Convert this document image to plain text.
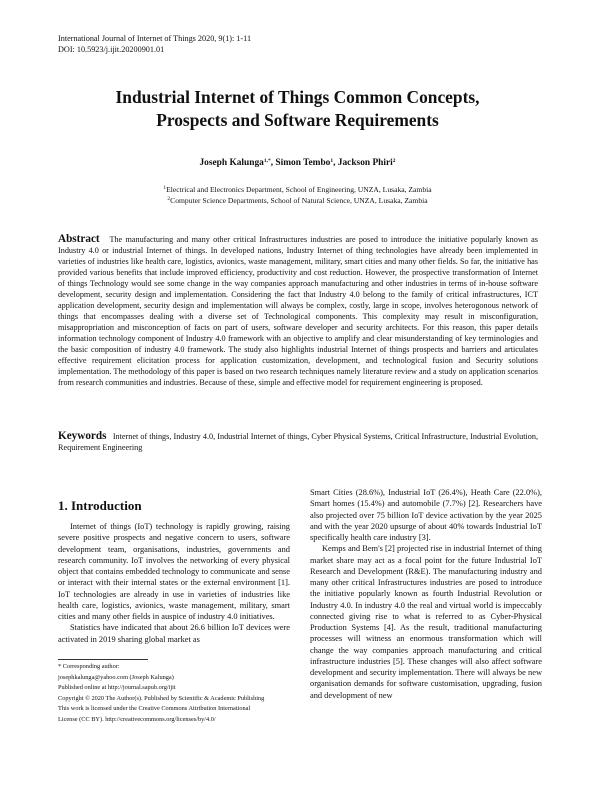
International Journal of Internet of Things 2020, 9(1): 1-11
DOI: 10.5923/j.ijit.20200901.01
Industrial Internet of Things Common Concepts,
Prospects and Software Requirements
Joseph Kalunga$^{1,*}$, Simon Tembo$^1$, Jackson Phiri$^2$
$^1$Electrical and Electronics Department, School of Engineering, UNZA, Lusaka, Zambia
$^2$Computer Science Departments, School of Natural Science, UNZA, Lusaka, Zambia
Abstract The manufacturing and many other critical Infrastructures industries are posed to introduce the initiative popularly known as Industry 4.0 or industrial Internet of things. In developed nations, Industry Internet of thing technologies have already been implemented in varieties of industries like health care, logistics, avionics, waste management, military, smart cities and many other fields. So far, the initiative has provided various benefits that include improved efficiency, productivity and cost reduction. However, the prospective transformation of Internet of things Technology would see some change in the way companies approach manufacturing and other industries in terms of in-house software development, security design and implementation. Considering the fact that Industry 4.0 belong to the family of critical infrastructures, ICT application development, security design and implementation will always be complex, costly, large in scope, involves heterogonous network of things that encompasses dealing with a diverse set of Technological components. This complexity may result in misconfiguration, misappropriation and misconception of facts on part of users, software developer and security architects. For this reason, this paper details information technology component of Industry 4.0 framework with an objective to amplify and clear misunderstanding of key terminologies and the basic composition of industry 4.0 framework. The study also highlights industrial Internet of things prospects and barriers and articulates effective requirement elicitation process for application customization, development, and technological fusion and Security solutions implementation. The methodology of this paper is based on two research techniques namely literature review and a study on application scenarios from research communities and industries. Because of these, simple and effective model for requirement engineering is proposed.
Keywords Internet of things, Industry 4.0, Industrial Internet of things, Cyber Physical Systems, Critical Infrastructure, Industrial Evolution, Requirement Engineering
1. Introduction

Internet of things (IoT) technology is rapidly growing, raising severe positive prospects and negative concern to users, software development team, organisations, industries, governments and research community. IoT involves the networking of every physical object that contains embedded technology to communicate and sense or interact with their internal states or the external environment [1]. IoT technologies are already in use in varieties of industries like health care, logistics, avionics, waste management, military, smart cities and many other fields in auspice of industry 4.0 initiatives.

Statistics have indicated that about 26.6 billion IoT devices were activated in 2019 sharing global market as

Smart Cities (28.6%), Industrial IoT (26.4%), Heath Care (22.0%), Smart homes (15.4%) and automobile (7.7%) [2]. Researchers have also projected over 75 billion IoT device activation by the year 2025 and with the year 2020 upsurge of about 40% towards Industrial IoT specifically health care industry [3].

Kemps and Bem's [2] projected rise in industrial Internet of thing market share may act as a focal point for the future Industrial IoT Research and Development (R&E). The manufacturing industry and many other critical Infrastructures industries are posed to introduce the initiative popularly known as fourth Industrial Revolution or Industry 4.0. In industry 4.0 the real and virtual world is impeccably connected giving rise to what is referred to as Cyber-Physical Production Systems [4]. As the result, traditional manufacturing processes will witness an enormous transformation which will change the way companies approach manufacturing and critical infrastructure industries [5]. These changes will also affect software development and security implementation. There will always be new organisation demands for software customisation, upgrading, fusion and development of new

* Corresponding author:
josephkalunga@yahoo.com (Joseph Kalunga)
Published online at http://journal.sapub.org/ijit
Copyright © 2020 The Author(s). Published by Scientific & Academic Publishing
This work is licensed under the Creative Commons Attribution International
License (CC BY). http://creativecommons.org/licenses/by/4.0/
